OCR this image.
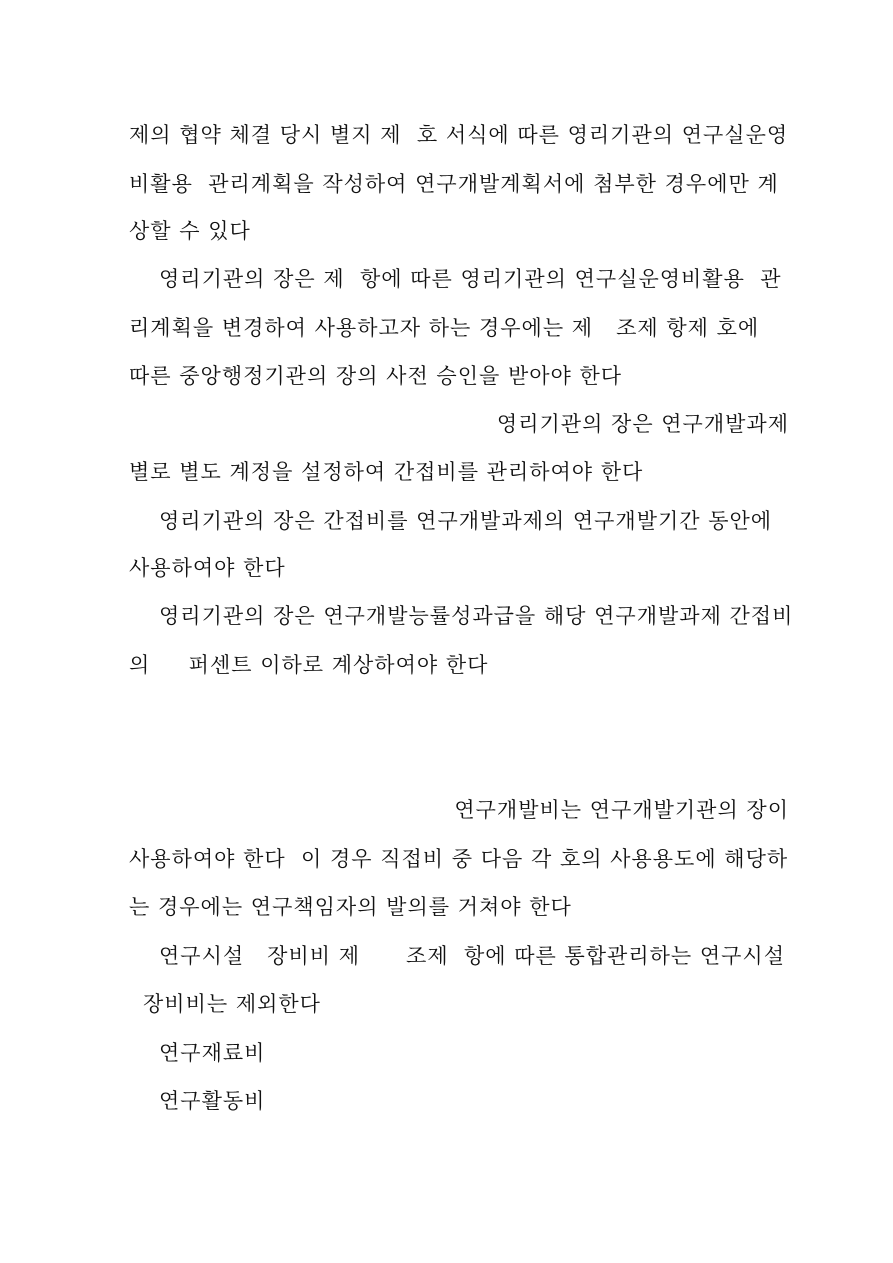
제의 협약 체결 당시 별지 제  호 서식에 따른 영리기관의 연구실운영
비활용  관리계획을 작성하여 연구개발계획서에 첨부한 경우에만 계
상할 수 있다
영리기관의 장은 제  항에 따른 영리기관의 연구실운영비활용  관
리계획을 변경하여 사용하고자 하는 경우에는 제   조제 항제 호에
따른 중앙행정기관의 장의 사전 승인을 받아야 한다
영리기관의 장은 연구개발과제
별로 별도 계정을 설정하여 간접비를 관리하여야 한다
영리기관의 장은 간접비를 연구개발과제의 연구개발기간 동안에
사용하여야 한다
영리기관의 장은 연구개발능률성과급을 해당 연구개발과제 간접비
의     퍼센트 이하로 계상하여야 한다
연구개발비는 연구개발기관의 장이
사용하여야 한다  이 경우 직접비 중 다음 각 호의 사용용도에 해당하
는 경우에는 연구책임자의 발의를 거쳐야 한다
연구시설   장비비 제      조제  항에 따른 통합관리하는 연구시설
장비비는 제외한다
연구재료비
연구활동비
